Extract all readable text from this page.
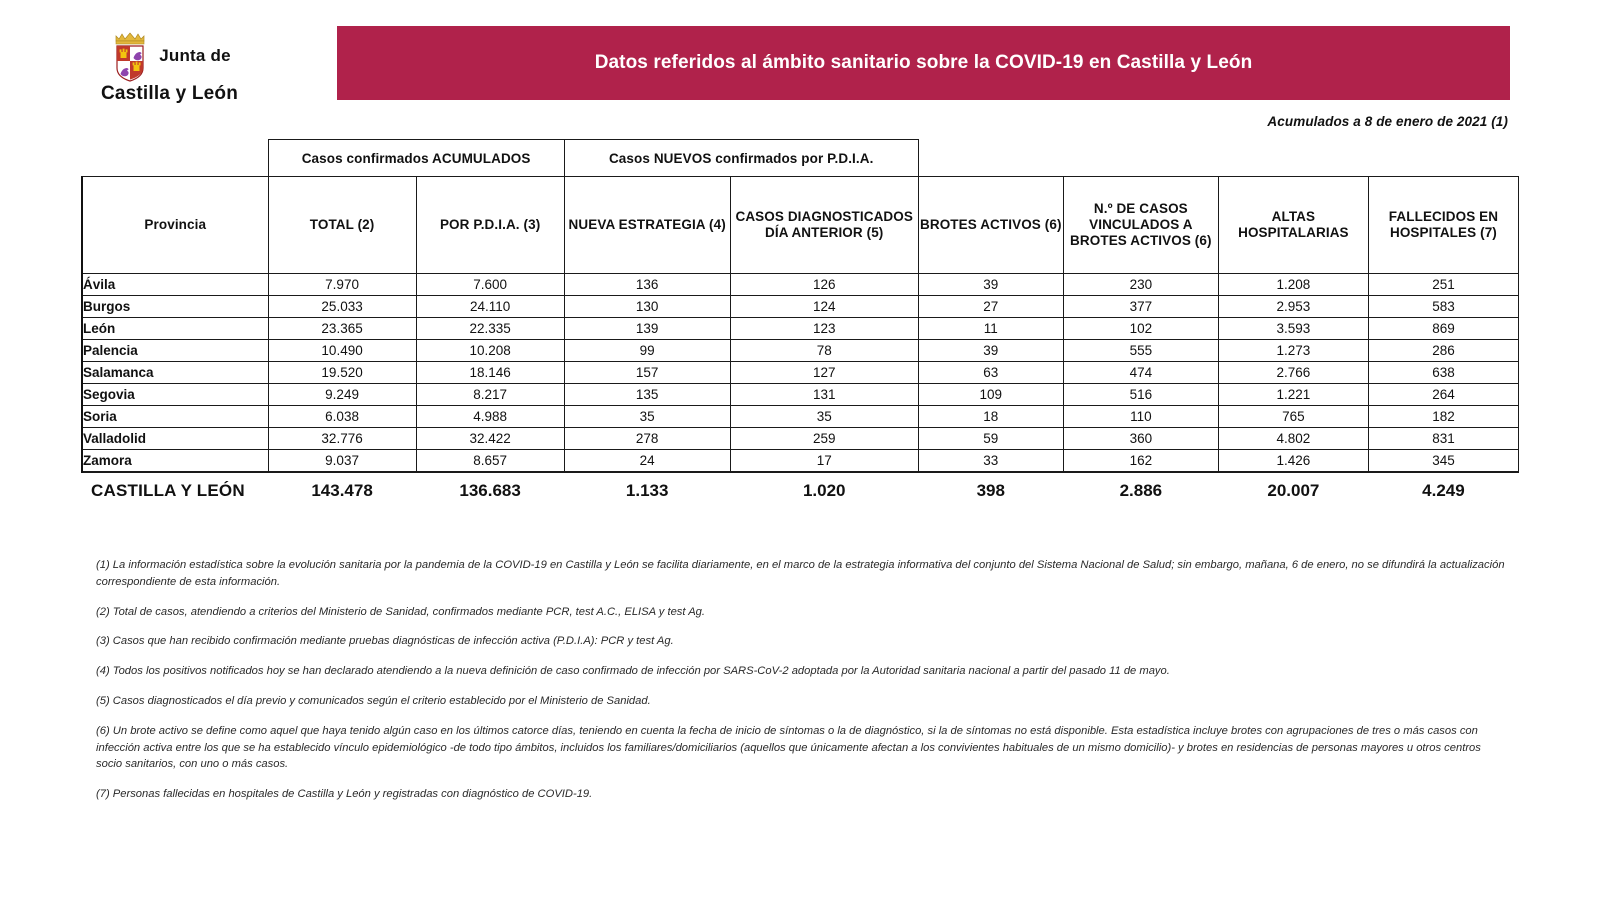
Junta de
Castilla y León
Datos referidos al ámbito sanitario sobre la COVID-19 en Castilla y León
Acumulados a 8 de enero de 2021 (1)
	Casos confirmados ACUMULADOS		Casos NUEVOS confirmados por P.D.I.A.					
Provincia	TOTAL (2)	POR P.D.I.A. (3)	NUEVA ESTRATEGIA (4)	CASOS DIAGNOSTICADOS DÍA ANTERIOR (5)	BROTES ACTIVOS (6)	N.º DE CASOS VINCULADOS A BROTES ACTIVOS (6)	ALTAS HOSPITALARIAS	FALLECIDOS EN HOSPITALES (7)
Ávila	7.970	7.600	136	126	39	230	1.208	251
Burgos	25.033	24.110	130	124	27	377	2.953	583
León	23.365	22.335	139	123	11	102	3.593	869
Palencia	10.490	10.208	99	78	39	555	1.273	286
Salamanca	19.520	18.146	157	127	63	474	2.766	638
Segovia	9.249	8.217	135	131	109	516	1.221	264
Soria	6.038	4.988	35	35	18	110	765	182
Valladolid	32.776	32.422	278	259	59	360	4.802	831
Zamora	9.037	8.657	24	17	33	162	1.426	345
CASTILLA Y LEÓN	143.478	136.683	1.133	1.020	398	2.886	20.007	4.249

(1) La información estadística sobre la evolución sanitaria por la pandemia de la COVID-19 en Castilla y León se facilita diariamente, en el marco de la estrategia informativa del conjunto del Sistema Nacional de Salud; sin embargo, mañana, 6 de enero, no se difundirá la actualización correspondiente de esta información.

(2) Total de casos, atendiendo a criterios del Ministerio de Sanidad, confirmados mediante PCR, test A.C., ELISA y test Ag.

(3) Casos que han recibido confirmación mediante pruebas diagnósticas de infección activa (P.D.I.A): PCR y test Ag.

(4) Todos los positivos notificados hoy se han declarado atendiendo a la nueva definición de caso confirmado de infección por SARS-CoV-2 adoptada por la Autoridad sanitaria nacional a partir del pasado 11 de mayo.

(5) Casos diagnosticados el día previo y comunicados según el criterio establecido por el Ministerio de Sanidad.

(6) Un brote activo se define como aquel que haya tenido algún caso en los últimos catorce días, teniendo en cuenta la fecha de inicio de síntomas o la de diagnóstico, si la de síntomas no está disponible. Esta estadística incluye brotes con agrupaciones de tres o más casos con infección activa entre los que se ha establecido vínculo epidemiológico -de todo tipo ámbitos, incluidos los familiares/domiciliarios (aquellos que únicamente afectan a los convivientes habituales de un mismo domicilio)- y brotes en residencias de personas mayores u otros centros socio sanitarios, con uno o más casos.

(7) Personas fallecidas en hospitales de Castilla y León y registradas con diagnóstico de COVID-19.
